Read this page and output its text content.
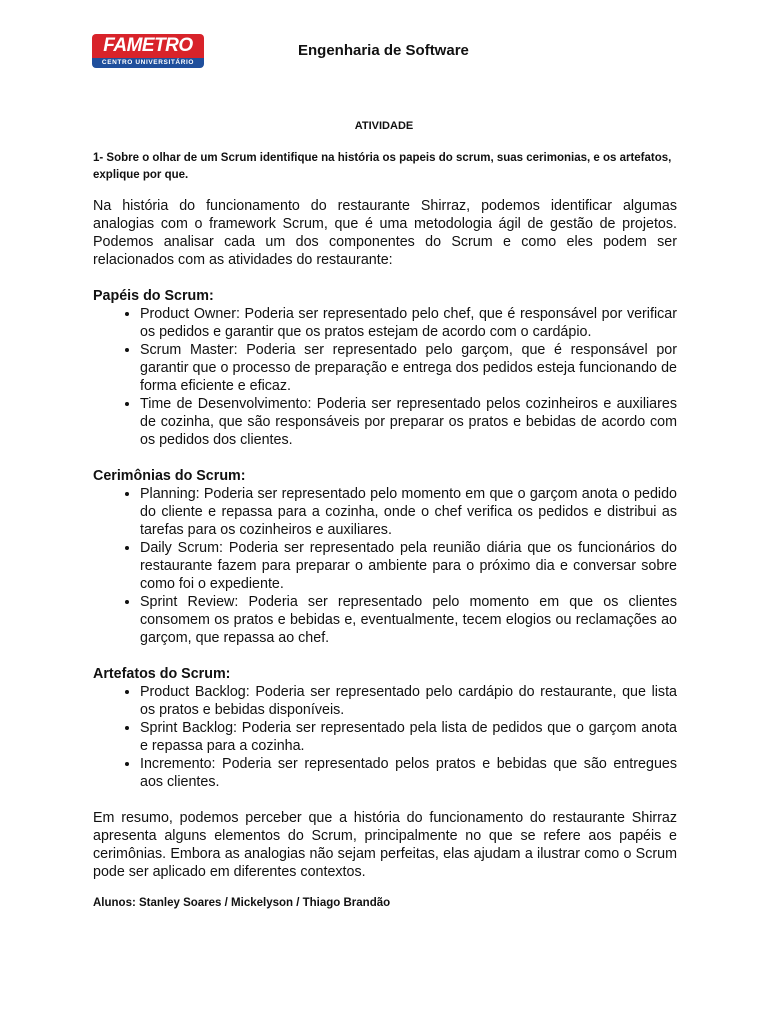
FAMETRO
CENTRO UNIVERSITÁRIO
Engenharia de Software
ATIVIDADE
1- Sobre o olhar de um Scrum identifique na história os papeis do scrum, suas cerimonias, e os artefatos, explique por que.

Na história do funcionamento do restaurante Shirraz, podemos identificar algumas analogias com o framework Scrum, que é uma metodologia ágil de gestão de projetos. Podemos analisar cada um dos componentes do Scrum e como eles podem ser relacionados com as atividades do restaurante:

Papéis do Scrum:

• Product Owner: Poderia ser representado pelo chef, que é responsável por verificar os pedidos e garantir que os pratos estejam de acordo com o cardápio.
• Scrum Master: Poderia ser representado pelo garçom, que é responsável por garantir que o processo de preparação e entrega dos pedidos esteja funcionando de forma eficiente e eficaz.
• Time de Desenvolvimento: Poderia ser representado pelos cozinheiros e auxiliares de cozinha, que são responsáveis por preparar os pratos e bebidas de acordo com os pedidos dos clientes.

Cerimônias do Scrum:

• Planning: Poderia ser representado pelo momento em que o garçom anota o pedido do cliente e repassa para a cozinha, onde o chef verifica os pedidos e distribui as tarefas para os cozinheiros e auxiliares.
• Daily Scrum: Poderia ser representado pela reunião diária que os funcionários do restaurante fazem para preparar o ambiente para o próximo dia e conversar sobre como foi o expediente.
• Sprint Review: Poderia ser representado pelo momento em que os clientes consomem os pratos e bebidas e, eventualmente, tecem elogios ou reclamações ao garçom, que repassa ao chef.

Artefatos do Scrum:

• Product Backlog: Poderia ser representado pelo cardápio do restaurante, que lista os pratos e bebidas disponíveis.
• Sprint Backlog: Poderia ser representado pela lista de pedidos que o garçom anota e repassa para a cozinha.
• Incremento: Poderia ser representado pelos pratos e bebidas que são entregues aos clientes.

Em resumo, podemos perceber que a história do funcionamento do restaurante Shirraz apresenta alguns elementos do Scrum, principalmente no que se refere aos papéis e cerimônias. Embora as analogias não sejam perfeitas, elas ajudam a ilustrar como o Scrum pode ser aplicado em diferentes contextos.

Alunos: Stanley Soares / Mickelyson / Thiago Brandão
